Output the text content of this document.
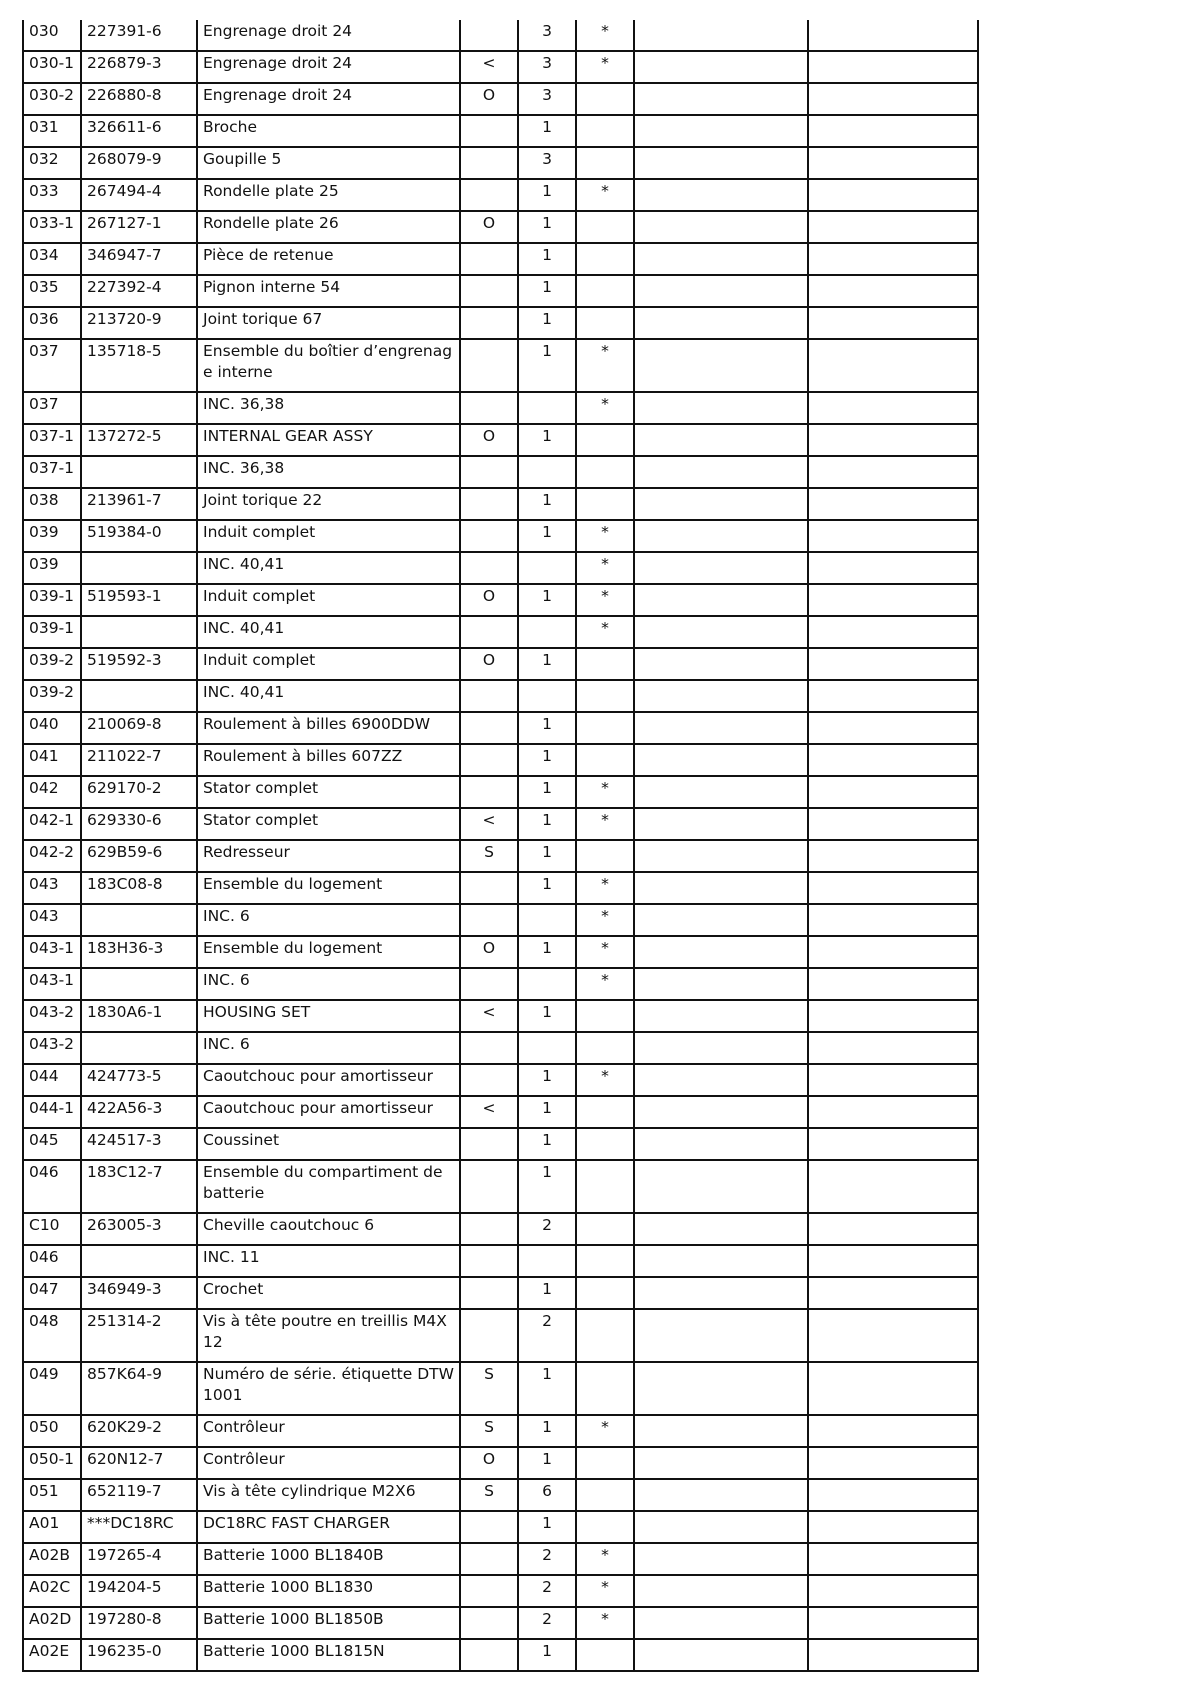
030	227391-6	Engrenage droit 24		3	*		
030-1	226879-3	Engrenage droit 24	<	3	*		
030-2	226880-8	Engrenage droit 24	O	3			
031	326611-6	Broche		1			
032	268079-9	Goupille 5		3			
033	267494-4	Rondelle plate 25		1	*		
033-1	267127-1	Rondelle plate 26	O	1			
034	346947-7	Pièce de retenue		1			
035	227392-4	Pignon interne 54		1			
036	213720-9	Joint torique 67		1			
037	135718-5	Ensemble du boîtier d’engrenage interne		1	*		
037		INC. 36,38			*		
037-1	137272-5	INTERNAL GEAR ASSY	O	1			
037-1		INC. 36,38					
038	213961-7	Joint torique 22		1			
039	519384-0	Induit complet		1	*		
039		INC. 40,41			*		
039-1	519593-1	Induit complet	O	1	*		
039-1		INC. 40,41			*		
039-2	519592-3	Induit complet	O	1			
039-2		INC. 40,41					
040	210069-8	Roulement à billes 6900DDW		1			
041	211022-7	Roulement à billes 607ZZ		1			
042	629170-2	Stator complet		1	*		
042-1	629330-6	Stator complet	<	1	*		
042-2	629B59-6	Redresseur	S	1			
043	183C08-8	Ensemble du logement		1	*		
043		INC. 6			*		
043-1	183H36-3	Ensemble du logement	O	1	*		
043-1		INC. 6			*		
043-2	1830A6-1	HOUSING SET	<	1			
043-2		INC. 6					
044	424773-5	Caoutchouc pour amortisseur		1	*		
044-1	422A56-3	Caoutchouc pour amortisseur	<	1			
045	424517-3	Coussinet		1			
046	183C12-7	Ensemble du compartiment de batterie		1			
C10	263005-3	Cheville caoutchouc 6		2			
046		INC. 11					
047	346949-3	Crochet		1			
048	251314-2	Vis à tête poutre en treillis M4X12		2			
049	857K64-9	Numéro de série. étiquette DTW1001	S	1			
050	620K29-2	Contrôleur	S	1	*		
050-1	620N12-7	Contrôleur	O	1			
051	652119-7	Vis à tête cylindrique M2X6	S	6			
A01	***DC18RC	DC18RC FAST CHARGER		1			
A02B	197265-4	Batterie 1000 BL1840B		2	*		
A02C	194204-5	Batterie 1000 BL1830		2	*		
A02D	197280-8	Batterie 1000 BL1850B		2	*		
A02E	196235-0	Batterie 1000 BL1815N		1			
